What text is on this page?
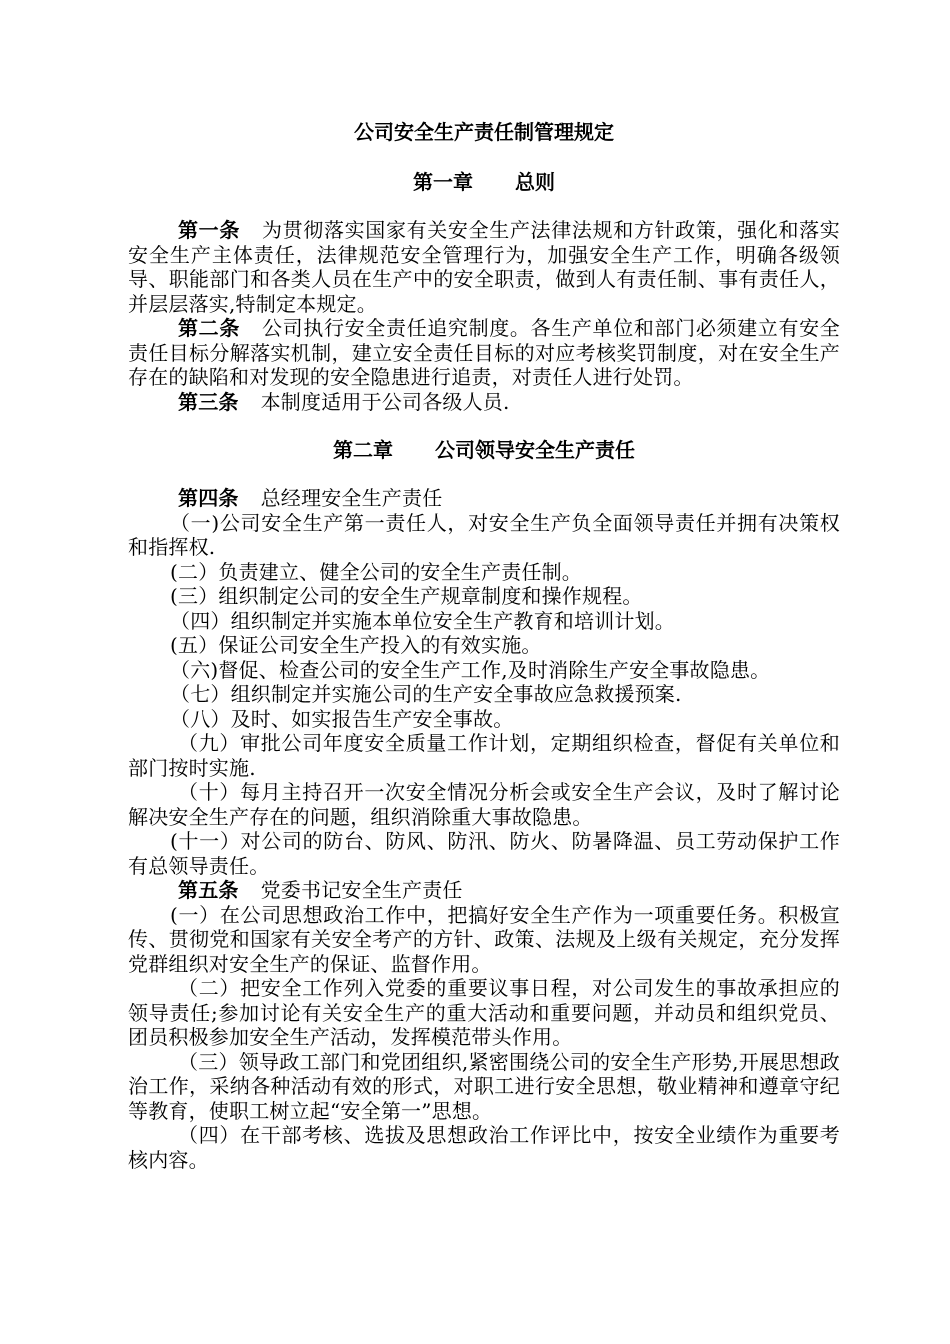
公司安全生产责任制管理规定
第一章 总则

第一条 为贯彻落实国家有关安全生产法律法规和方针政策，强化和落实安全生产主体责任，法律规范安全管理行为，加强安全生产工作，明确各级领导、职能部门和各类人员在生产中的安全职责，做到人有责任制、事有责任人，并层层落实,特制定本规定。

第二条 公司执行安全责任追究制度。各生产单位和部门必须建立有安全责任目标分解落实机制，建立安全责任目标的对应考核奖罚制度，对在安全生产存在的缺陷和对发现的安全隐患进行追责，对责任人进行处罚。

第三条 本制度适用于公司各级人员.

第二章 公司领导安全生产责任

第四条 总经理安全生产责任

（一)公司安全生产第一责任人，对安全生产负全面领导责任并拥有决策权和指挥权.

(二）负责建立、健全公司的安全生产责任制。

(三）组织制定公司的安全生产规章制度和操作规程。

（四）组织制定并实施本单位安全生产教育和培训计划。

(五）保证公司安全生产投入的有效实施。

（六)督促、检查公司的安全生产工作,及时消除生产安全事故隐患。

（七）组织制定并实施公司的生产安全事故应急救援预案.

（八）及时、如实报告生产安全事故。

（九）审批公司年度安全质量工作计划，定期组织检查，督促有关单位和部门按时实施.

（十）每月主持召开一次安全情况分析会或安全生产会议，及时了解讨论解决安全生产存在的问题，组织消除重大事故隐患。

(十一）对公司的防台、防风、防汛、防火、防暑降温、员工劳动保护工作有总领导责任。

第五条 党委书记安全生产责任

(一）在公司思想政治工作中，把搞好安全生产作为一项重要任务。积极宣传、贯彻党和国家有关安全考产的方针、政策、法规及上级有关规定，充分发挥党群组织对安全生产的保证、监督作用。

（二）把安全工作列入党委的重要议事日程，对公司发生的事故承担应的领导责任;参加讨论有关安全生产的重大活动和重要问题，并动员和组织党员、团员积极参加安全生产活动，发挥模范带头作用。

（三）领导政工部门和党团组织,紧密围绕公司的安全生产形势,开展思想政治工作，采纳各种活动有效的形式，对职工进行安全思想，敬业精神和遵章守纪等教育，使职工树立起“安全第一”思想。

（四）在干部考核、选拔及思想政治工作评比中，按安全业绩作为重要考核内容。
